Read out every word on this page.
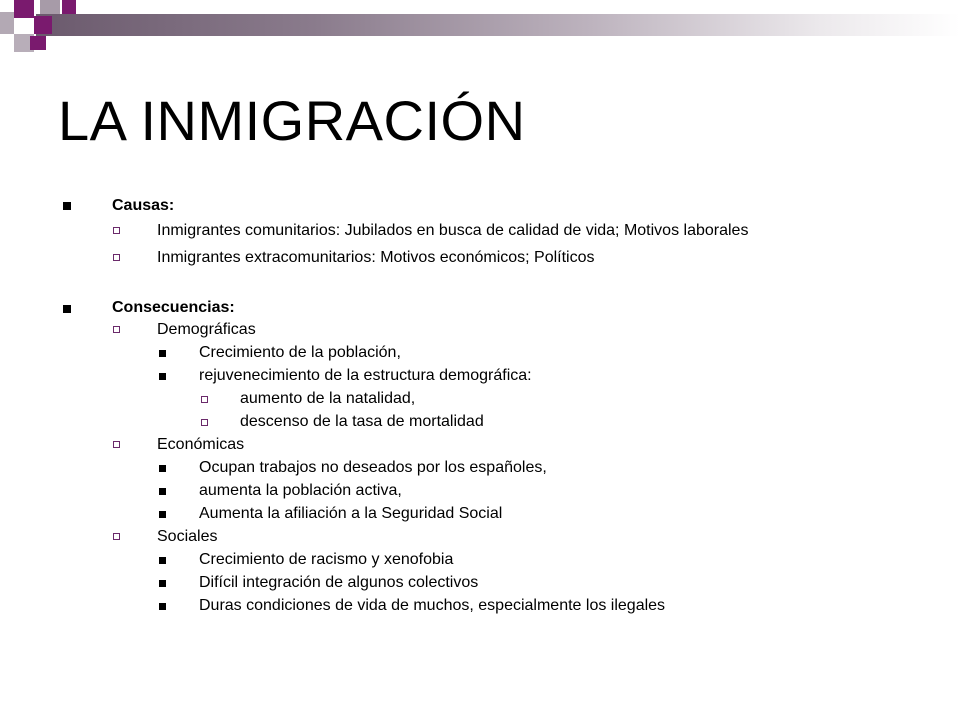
LA INMIGRACIÓN
Causas:
Inmigrantes comunitarios: Jubilados en busca de calidad de vida; Motivos laborales
Inmigrantes extracomunitarios: Motivos económicos; Políticos
Consecuencias:
Demográficas
Crecimiento de la población,
rejuvenecimiento de la estructura demográfica:
aumento de la natalidad,
descenso de la tasa de mortalidad
Económicas
Ocupan trabajos no deseados por los españoles,
aumenta la población activa,
Aumenta la afiliación a la Seguridad Social
Sociales
Crecimiento de racismo y xenofobia
Difícil integración de algunos colectivos
Duras condiciones de vida de muchos, especialmente los ilegales
